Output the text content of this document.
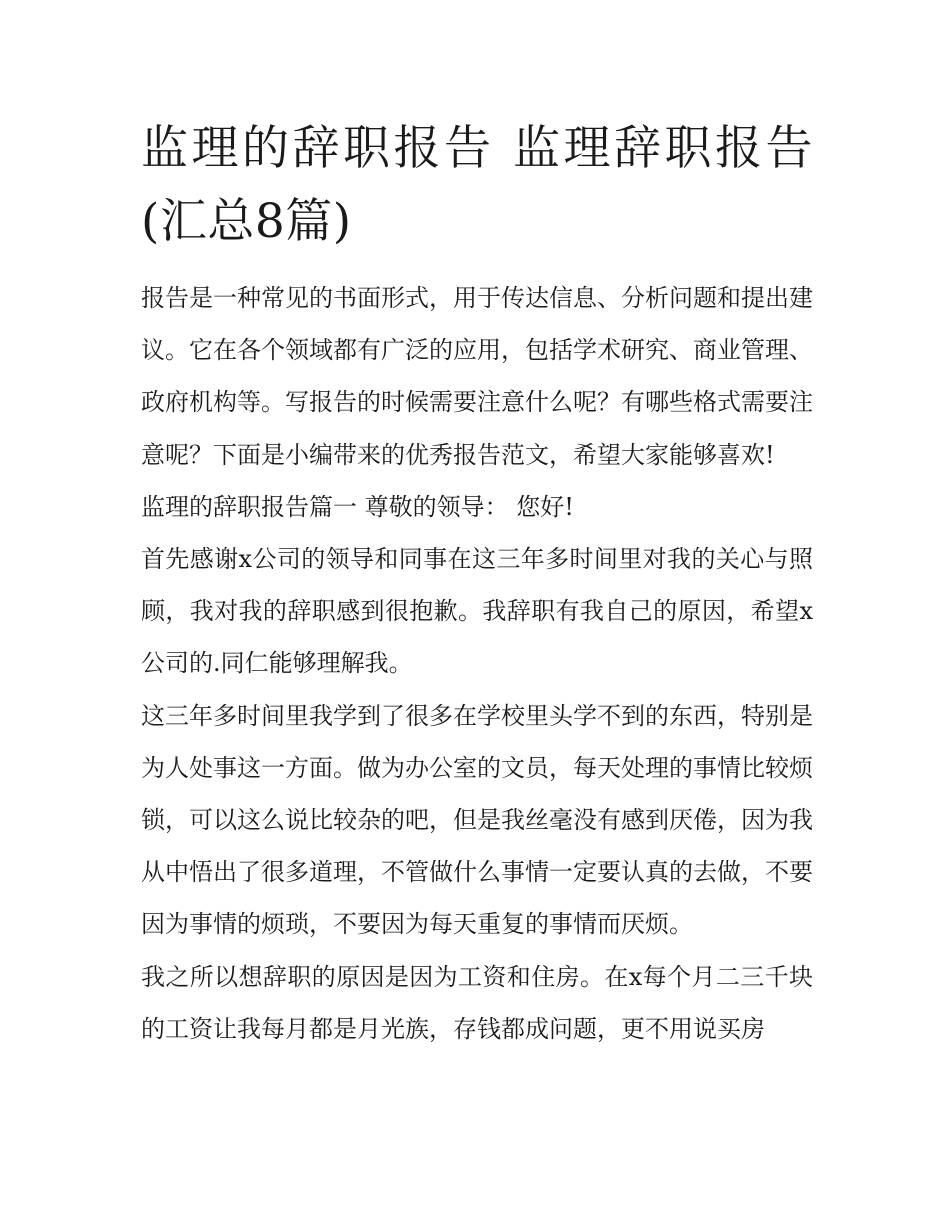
监理的辞职报告 监理辞职报告(汇总8篇)

报告是一种常见的书面形式，用于传达信息、分析问题和提出建议。它在各个领域都有广泛的应用，包括学术研究、商业管理、政府机构等。写报告的时候需要注意什么呢？有哪些格式需要注意呢？下面是小编带来的优秀报告范文，希望大家能够喜欢!

监理的辞职报告篇一 尊敬的领导： 您好!

首先感谢x公司的领导和同事在这三年多时间里对我的关心与照顾，我对我的辞职感到很抱歉。我辞职有我自己的原因，希望x公司的.同仁能够理解我。

这三年多时间里我学到了很多在学校里头学不到的东西，特别是为人处事这一方面。做为办公室的文员，每天处理的事情比较烦锁，可以这么说比较杂的吧，但是我丝毫没有感到厌倦，因为我从中悟出了很多道理，不管做什么事情一定要认真的去做，不要因为事情的烦琐，不要因为每天重复的事情而厌烦。

我之所以想辞职的原因是因为工资和住房。在x每个月二三千块的工资让我每月都是月光族，存钱都成问题，更不用说买房
